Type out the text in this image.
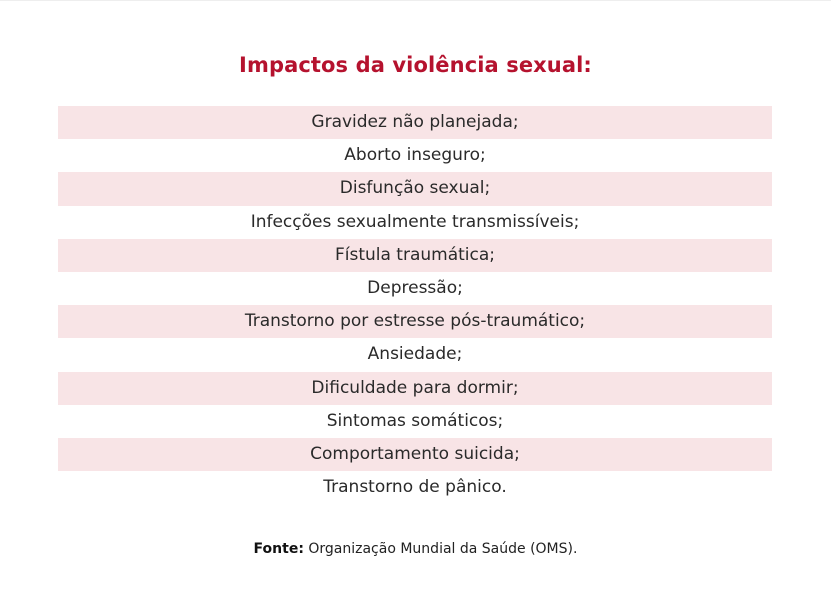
Impactos da violência sexual:
Gravidez não planejada;
Aborto inseguro;
Disfunção sexual;
Infecções sexualmente transmissíveis;
Fístula traumática;
Depressão;
Transtorno por estresse pós-traumático;
Ansiedade;
Dificuldade para dormir;
Sintomas somáticos;
Comportamento suicida;
Transtorno de pânico.
Fonte: Organização Mundial da Saúde (OMS).
